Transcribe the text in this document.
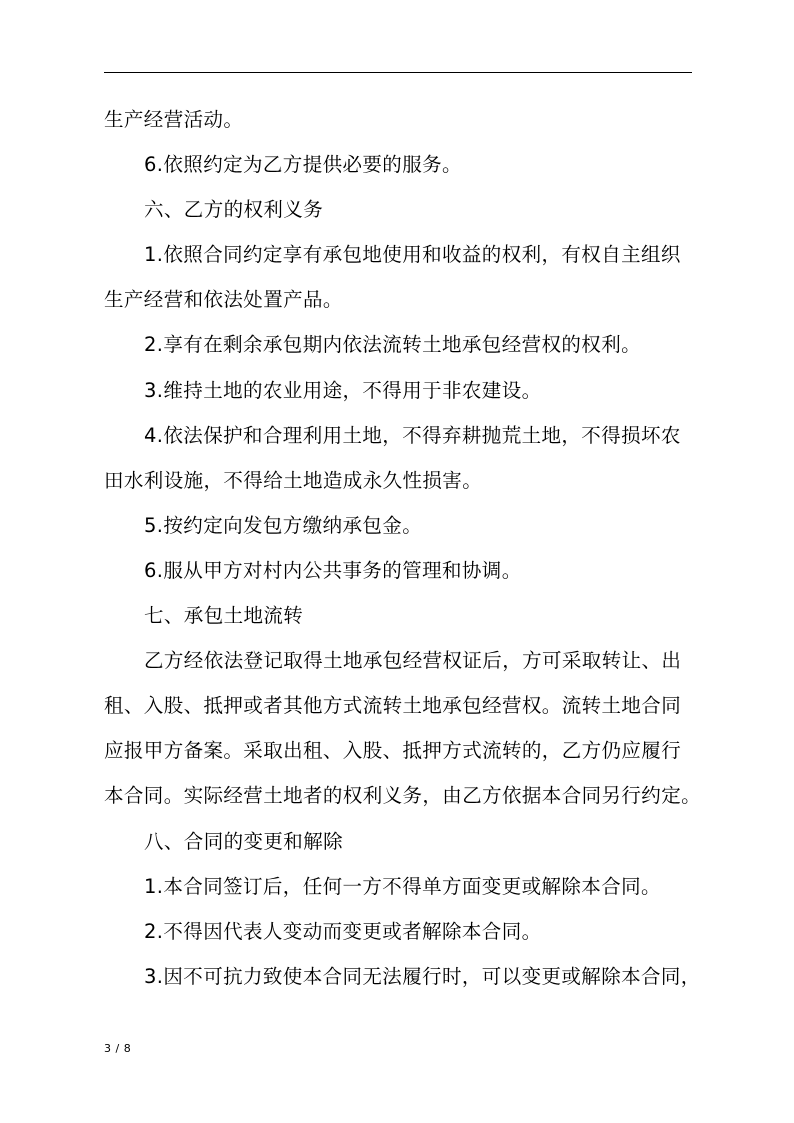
生产经营活动。
6.依照约定为乙方提供必要的服务。
六、乙方的权利义务
1.依照合同约定享有承包地使用和收益的权利，有权自主组织
生产经营和依法处置产品。
2.享有在剩余承包期内依法流转土地承包经营权的权利。
3.维持土地的农业用途，不得用于非农建设。
4.依法保护和合理利用土地，不得弃耕抛荒土地，不得损坏农
田水利设施，不得给土地造成永久性损害。
5.按约定向发包方缴纳承包金。
6.服从甲方对村内公共事务的管理和协调。
七、承包土地流转
乙方经依法登记取得土地承包经营权证后，方可采取转让、出
租、入股、抵押或者其他方式流转土地承包经营权。流转土地合同
应报甲方备案。采取出租、入股、抵押方式流转的，乙方仍应履行
本合同。实际经营土地者的权利义务，由乙方依据本合同另行约定。
八、合同的变更和解除
1.本合同签订后，任何一方不得单方面变更或解除本合同。
2.不得因代表人变动而变更或者解除本合同。
3.因不可抗力致使本合同无法履行时，可以变更或解除本合同，
3 / 8
